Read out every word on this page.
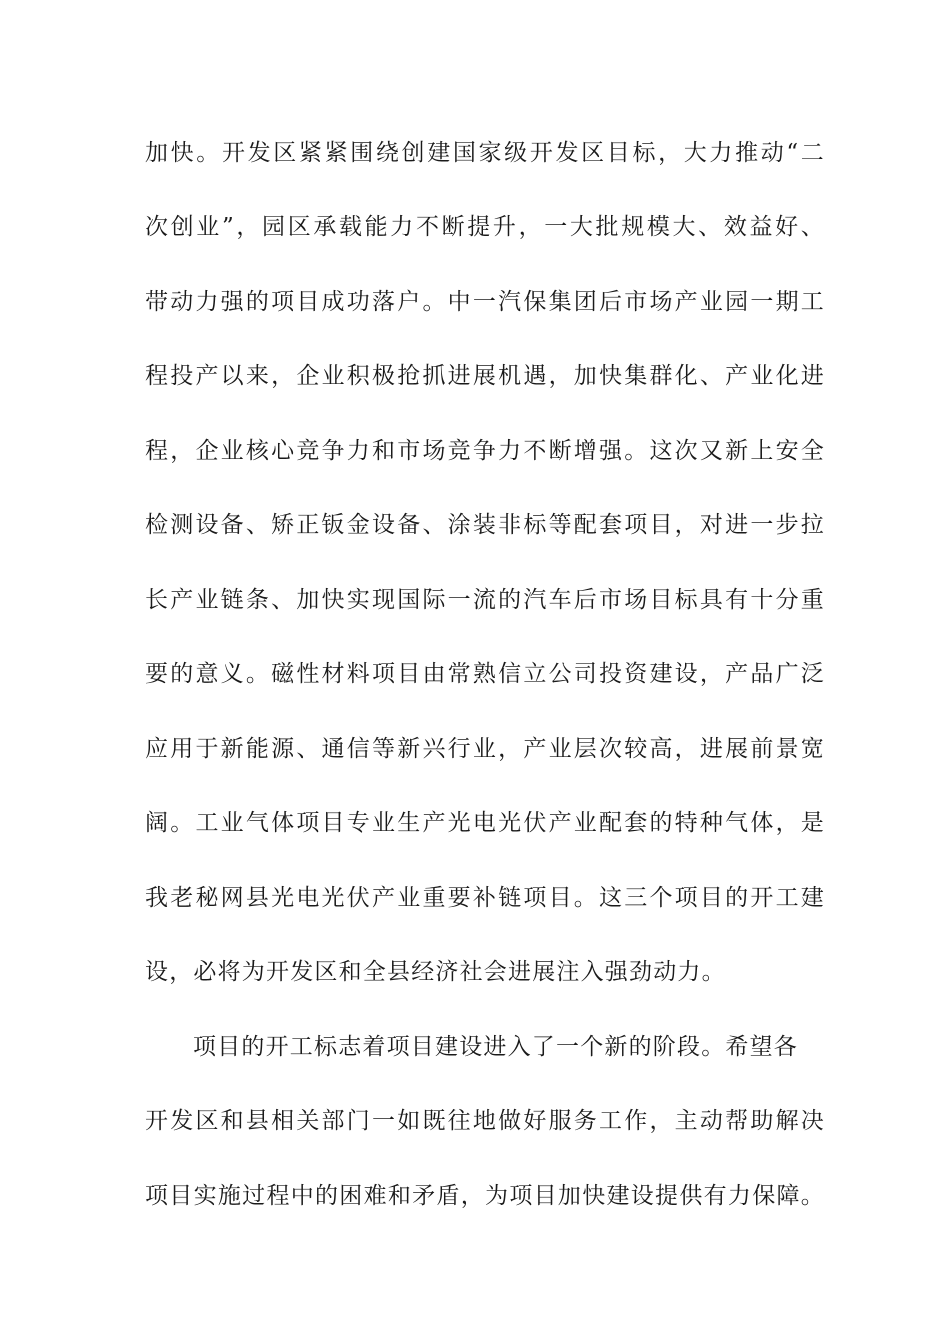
加快。开发区紧紧围绕创建国家级开发区目标，大力推动“二
次创业”，园区承载能力不断提升，一大批规模大、效益好、
带动力强的项目成功落户。中一汽保集团后市场产业园一期工
程投产以来，企业积极抢抓进展机遇，加快集群化、产业化进
程，企业核心竞争力和市场竞争力不断增强。这次又新上安全
检测设备、矫正钣金设备、涂装非标等配套项目，对进一步拉
长产业链条、加快实现国际一流的汽车后市场目标具有十分重
要的意义。磁性材料项目由常熟信立公司投资建设，产品广泛
应用于新能源、通信等新兴行业，产业层次较高，进展前景宽
阔。工业气体项目专业生产光电光伏产业配套的特种气体，是
我老秘网县光电光伏产业重要补链项目。这三个项目的开工建
设，必将为开发区和全县经济社会进展注入强劲动力。
项目的开工标志着项目建设进入了一个新的阶段。希望各
开发区和县相关部门一如既往地做好服务工作，主动帮助解决
项目实施过程中的困难和矛盾，为项目加快建设提供有力保障。
